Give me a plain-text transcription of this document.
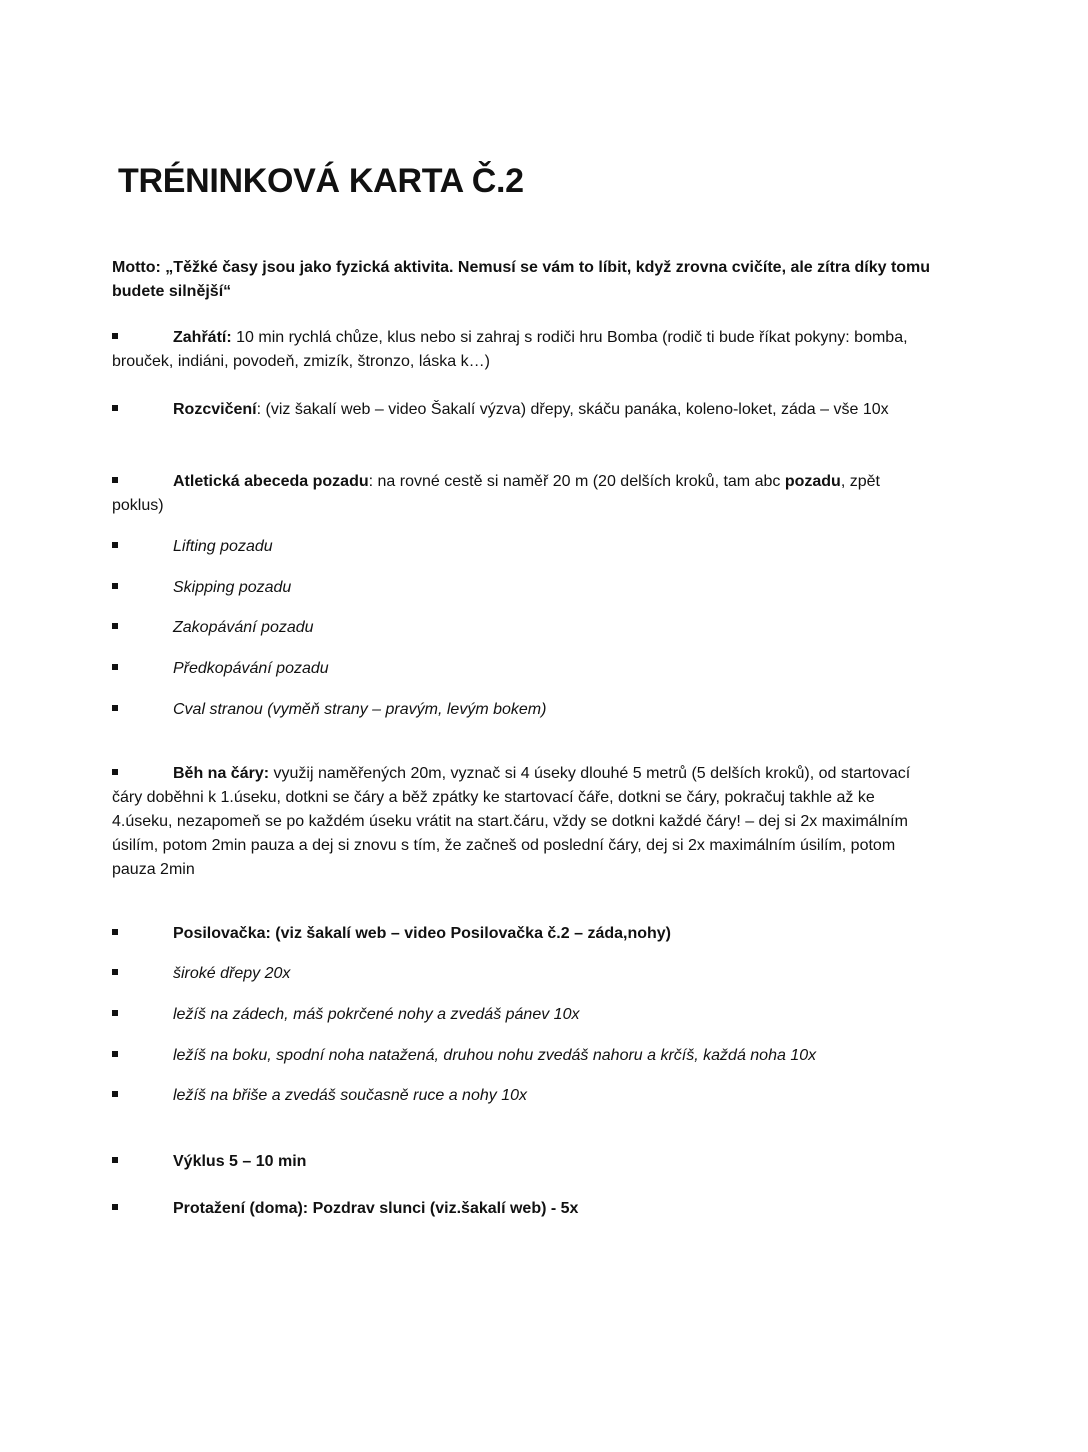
TRÉNINKOVÁ KARTA Č.2
Motto: „Těžké časy jsou jako fyzická aktivita. Nemusí se vám to líbit, když zrovna cvičíte, ale zítra díky tomu budete silnější“
Zahřátí: 10 min rychlá chůze, klus nebo si zahraj s rodiči hru Bomba (rodič ti bude říkat pokyny: bomba, brouček, indiáni, povodeň, zmizík, štronzo, láska k…)
Rozcvičení: (viz šakalí web – video Šakalí výzva) dřepy, skáču panáka, koleno-loket, záda – vše 10x
Atletická abeceda pozadu: na rovné cestě si naměř 20 m (20 delších kroků, tam abc pozadu, zpět poklus)
Lifting pozadu
Skipping pozadu
Zakopávání pozadu
Předkopávání pozadu
Cval stranou (vyměň strany – pravým, levým bokem)
Běh na čáry: využij naměřených 20m, vyznač si 4 úseky dlouhé 5 metrů (5 delších kroků), od startovací čáry doběhni k 1.úseku, dotkni se čáry a běž zpátky ke startovací čáře, dotkni se čáry, pokračuj takhle až ke 4.úseku, nezapomeň se po každém úseku vrátit na start.čáru, vždy se dotkni každé čáry! – dej si 2x maximálním úsilím, potom 2min pauza a dej si znovu s tím, že začneš od poslední čáry, dej si 2x maximálním úsilím, potom pauza 2min
Posilovačka: (viz šakalí web – video Posilovačka č.2 – záda,nohy)
široké dřepy 20x
ležíš na zádech, máš pokrčené nohy a zvedáš pánev 10x
ležíš na boku, spodní noha natažená, druhou nohu zvedáš nahoru a krčíš, každá noha 10x
ležíš na břiše a zvedáš současně ruce a nohy 10x
Výklus 5 – 10 min
Protažení (doma): Pozdrav slunci (viz.šakalí web) - 5x
